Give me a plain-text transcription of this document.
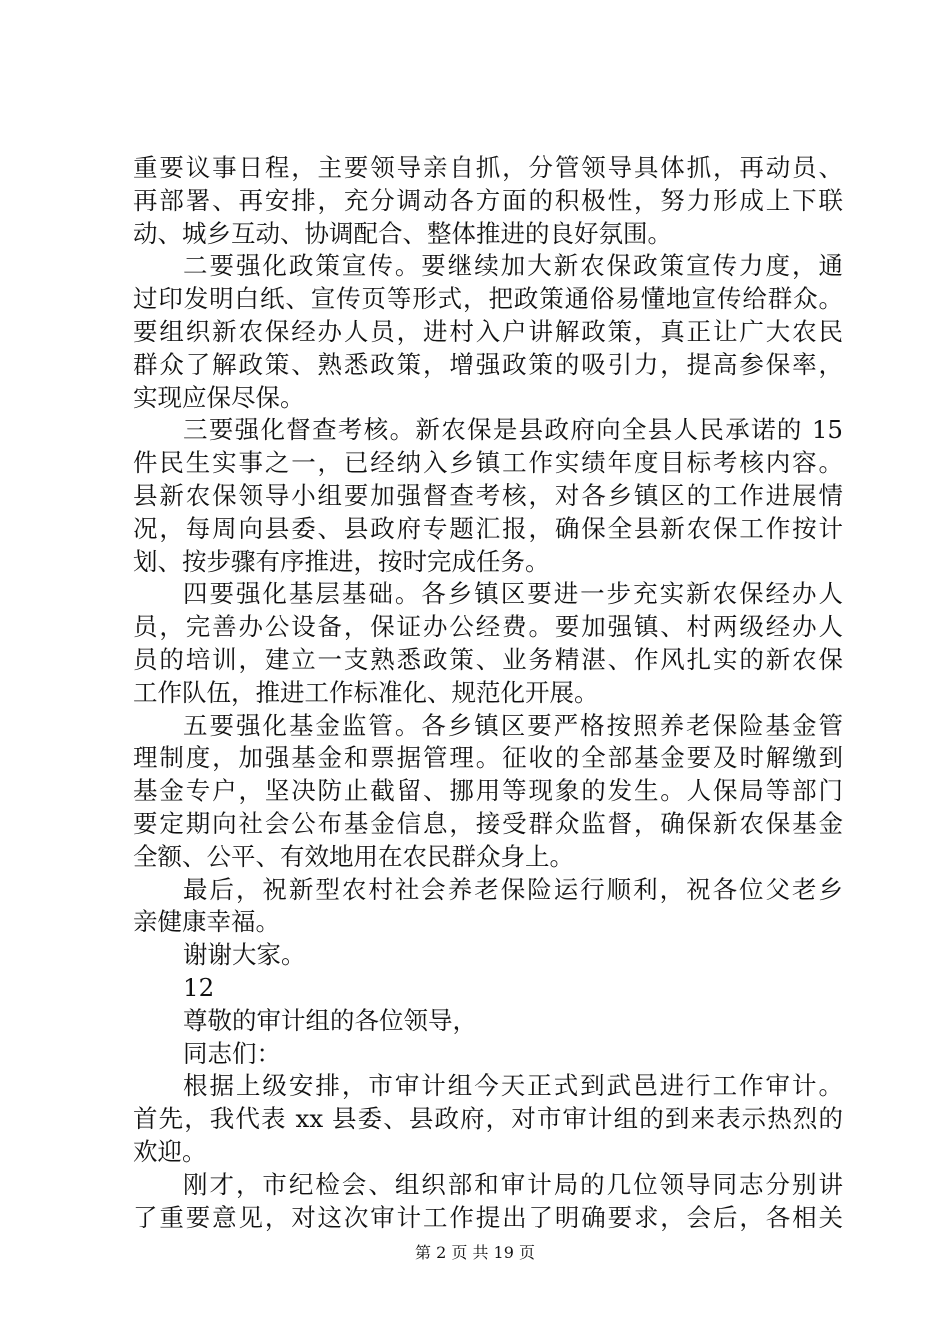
重要议事日程，主要领导亲自抓，分管领导具体抓，再动员、
再部署、再安排，充分调动各方面的积极性，努力形成上下联
动、城乡互动、协调配合、整体推进的良好氛围。
二要强化政策宣传。要继续加大新农保政策宣传力度，通
过印发明白纸、宣传页等形式，把政策通俗易懂地宣传给群众。
要组织新农保经办人员，进村入户讲解政策，真正让广大农民
群众了解政策、熟悉政策，增强政策的吸引力，提高参保率，
实现应保尽保。
三要强化督查考核。新农保是县政府向全县人民承诺的 15
件民生实事之一，已经纳入乡镇工作实绩年度目标考核内容。
县新农保领导小组要加强督查考核，对各乡镇区的工作进展情
况，每周向县委、县政府专题汇报，确保全县新农保工作按计
划、按步骤有序推进，按时完成任务。
四要强化基层基础。各乡镇区要进一步充实新农保经办人
员，完善办公设备，保证办公经费。要加强镇、村两级经办人
员的培训，建立一支熟悉政策、业务精湛、作风扎实的新农保
工作队伍，推进工作标准化、规范化开展。
五要强化基金监管。各乡镇区要严格按照养老保险基金管
理制度，加强基金和票据管理。征收的全部基金要及时解缴到
基金专户，坚决防止截留、挪用等现象的发生。人保局等部门
要定期向社会公布基金信息，接受群众监督，确保新农保基金
全额、公平、有效地用在农民群众身上。
最后，祝新型农村社会养老保险运行顺利，祝各位父老乡
亲健康幸福。
谢谢大家。
12
尊敬的审计组的各位领导，
同志们：
根据上级安排，市审计组今天正式到武邑进行工作审计。
首先，我代表 xx 县委、县政府，对市审计组的到来表示热烈的
欢迎。
刚才，市纪检会、组织部和审计局的几位领导同志分别讲
了重要意见，对这次审计工作提出了明确要求，会后，各相关
第 2 页 共 19 页
